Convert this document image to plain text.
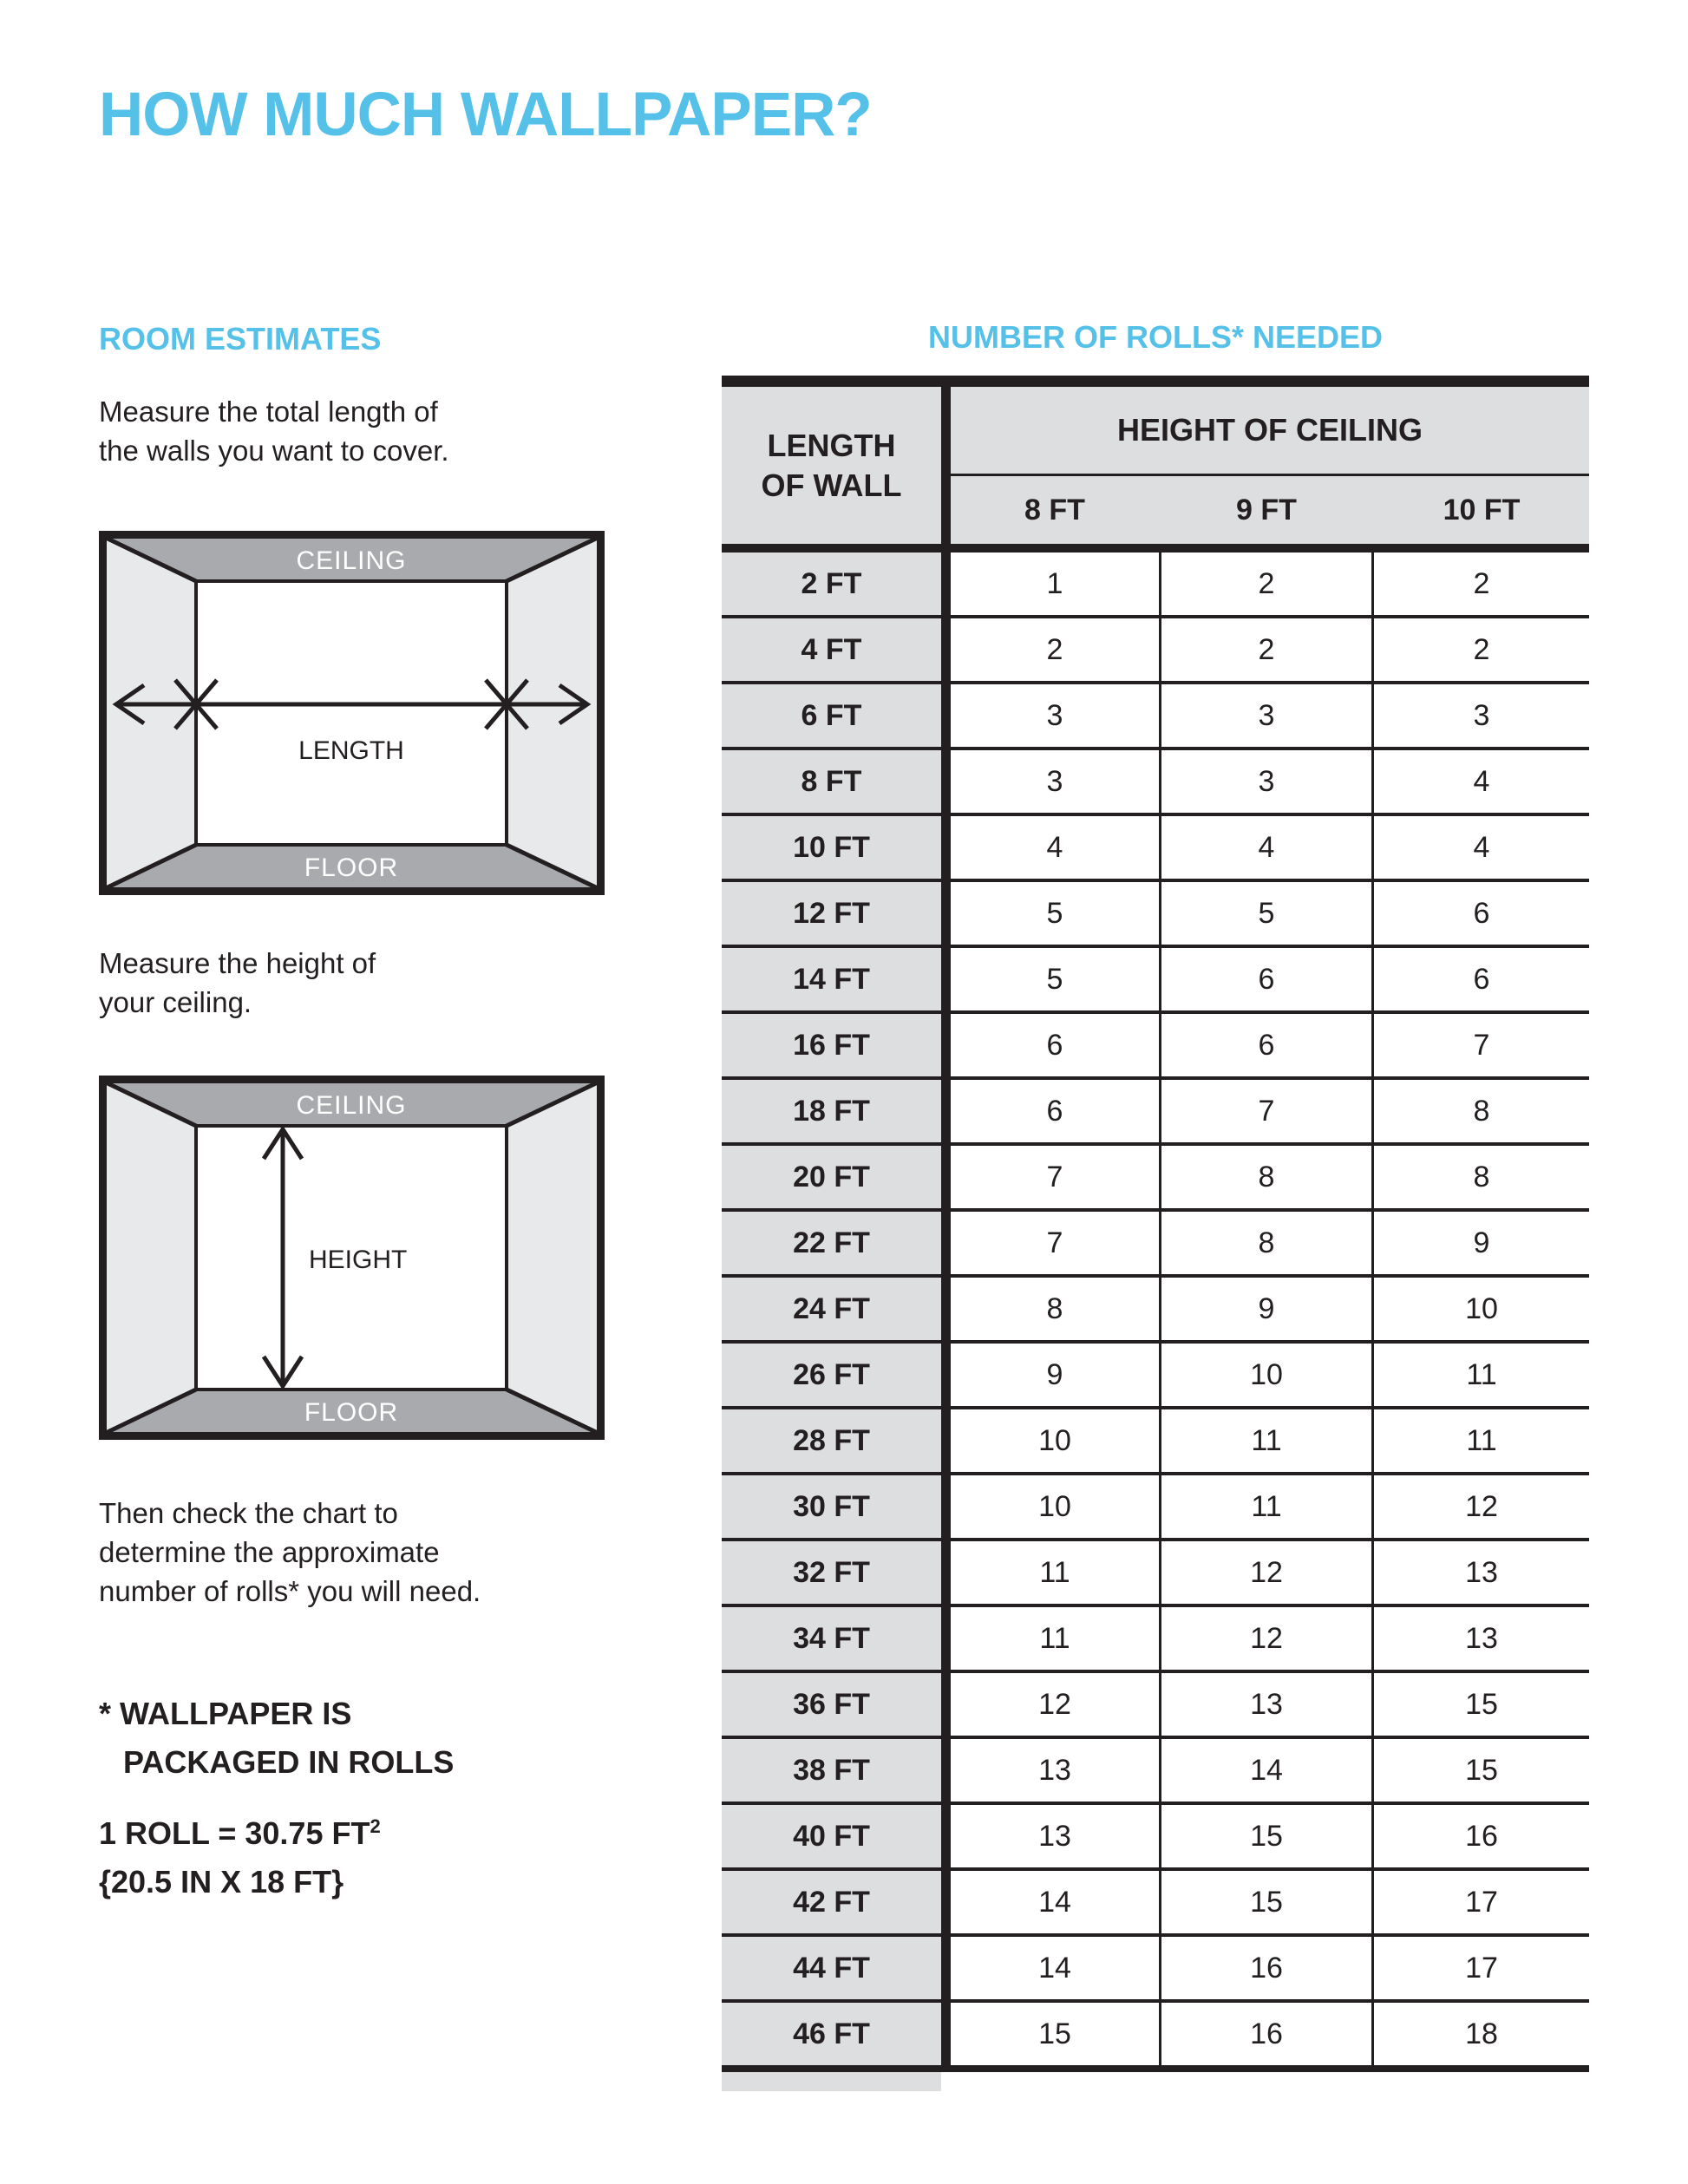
HOW MUCH WALLPAPER?
ROOM ESTIMATES
Measure the total length of
the walls you want to cover.
CEILING
FLOOR
LENGTH
Measure the height of
your ceiling.
CEILING
FLOOR
HEIGHT
Then check the chart to
determine the approximate
number of rolls* you will need.
* WALLPAPER IS
PACKAGED IN ROLLS
1 ROLL = 30.75 $FT^2$
{20.5 IN X 18 FT}
NUMBER OF ROLLS* NEEDED
LENGTH
OF WALL
HEIGHT OF CEILING
8 FT	9 FT	10 FT
2 FT	1	2	2
4 FT	2	2	2
6 FT	3	3	3
8 FT	3	3	4
10 FT	4	4	4
12 FT	5	5	6
14 FT	5	6	6
16 FT	6	6	7
18 FT	6	7	8
20 FT	7	8	8
22 FT	7	8	9
24 FT	8	9	10
26 FT	9	10	11
28 FT	10	11	11
30 FT	10	11	12
32 FT	11	12	13
34 FT	11	12	13
36 FT	12	13	15
38 FT	13	14	15
40 FT	13	15	16
42 FT	14	15	17
44 FT	14	16	17
46 FT	15	16	18
